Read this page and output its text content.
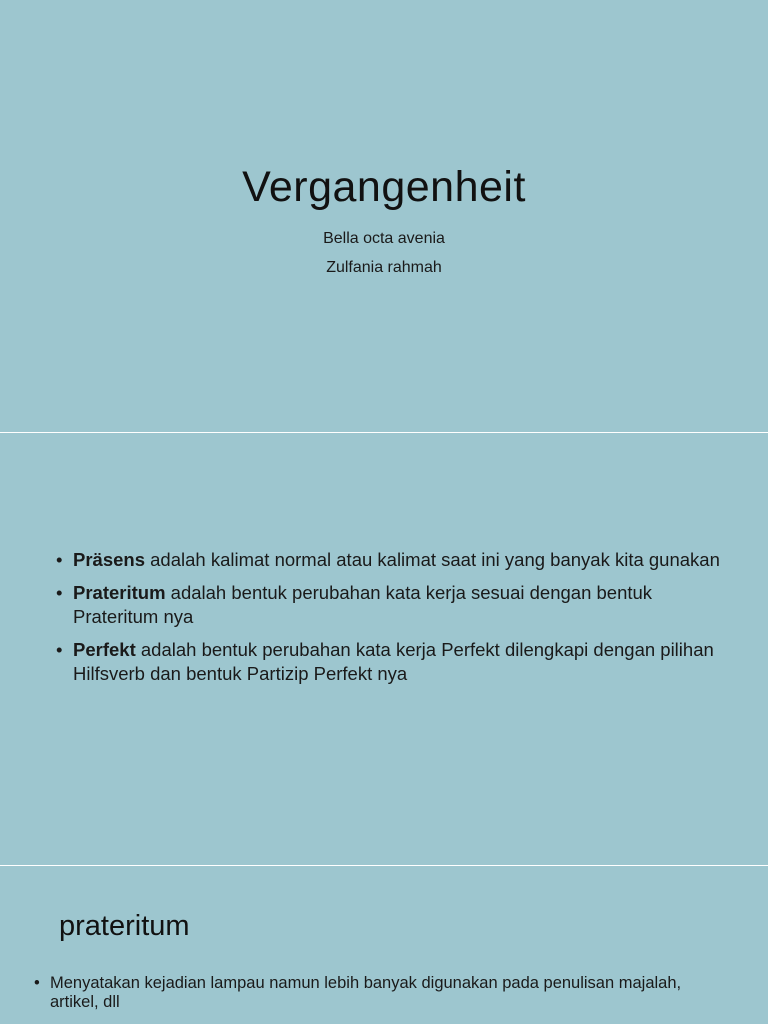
Vergangenheit
Bella octa avenia
Zulfania rahmah
• Präsens adalah kalimat normal atau kalimat saat ini yang banyak kita gunakan
• Prateritum adalah bentuk perubahan kata kerja sesuai dengan bentuk Prateritum nya
• Perfekt adalah bentuk perubahan kata kerja Perfekt dilengkapi dengan pilihan Hilfsverb dan bentuk Partizip Perfekt nya
prateritum
• Menyatakan kejadian lampau namun lebih banyak digunakan pada penulisan majalah, artikel, dll
